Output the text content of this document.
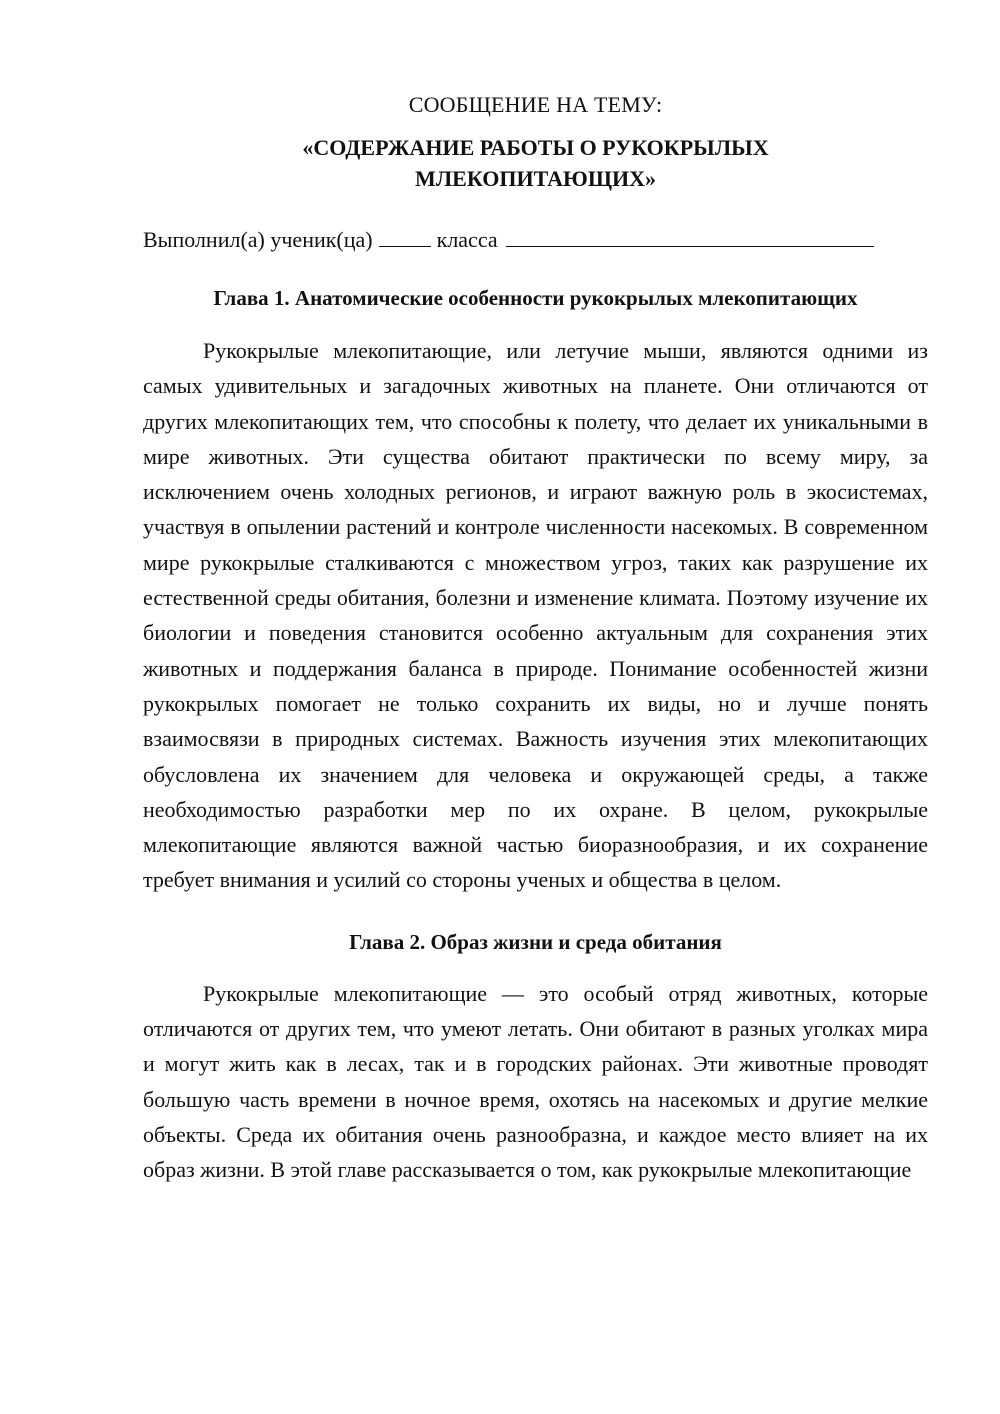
СООБЩЕНИЕ НА ТЕМУ:

«СОДЕРЖАНИЕ РАБОТЫ О РУКОКРЫЛЫХ
МЛЕКОПИТАЮЩИХ»
Выполнил(а) ученик(ца)	класса
Глава 1. Анатомические особенности рукокрылых млекопитающих

Рукокрылые млекопитающие, или летучие мыши, являются одними из самых удивительных и загадочных животных на планете. Они отличаются от других млекопитающих тем, что способны к полету, что делает их уникальными в мире животных. Эти существа обитают практически по всему миру, за исключением очень холодных регионов, и играют важную роль в экосистемах, участвуя в опылении растений и контроле численности насекомых. В современном мире рукокрылые сталкиваются с множеством угроз, таких как разрушение их естественной среды обитания, болезни и изменение климата. Поэтому изучение их биологии и поведения становится особенно актуальным для сохранения этих животных и поддержания баланса в природе. Понимание особенностей жизни рукокрылых помогает не только сохранить их виды, но и лучше понять взаимосвязи в природных системах. Важность изучения этих млекопитающих обусловлена их значением для человека и окружающей среды, а также необходимостью разработки мер по их охране. В целом, рукокрылые млекопитающие являются важной частью биоразнообразия, и их сохранение требует внимания и усилий со стороны ученых и общества в целом.

Глава 2. Образ жизни и среда обитания

Рукокрылые млекопитающие — это особый отряд животных, которые отличаются от других тем, что умеют летать. Они обитают в разных уголках мира и могут жить как в лесах, так и в городских районах. Эти животные проводят большую часть времени в ночное время, охотясь на насекомых и другие мелкие объекты. Среда их обитания очень разнообразна, и каждое место влияет на их образ жизни. В этой главе рассказывается о том, как рукокрылые млекопитающие
